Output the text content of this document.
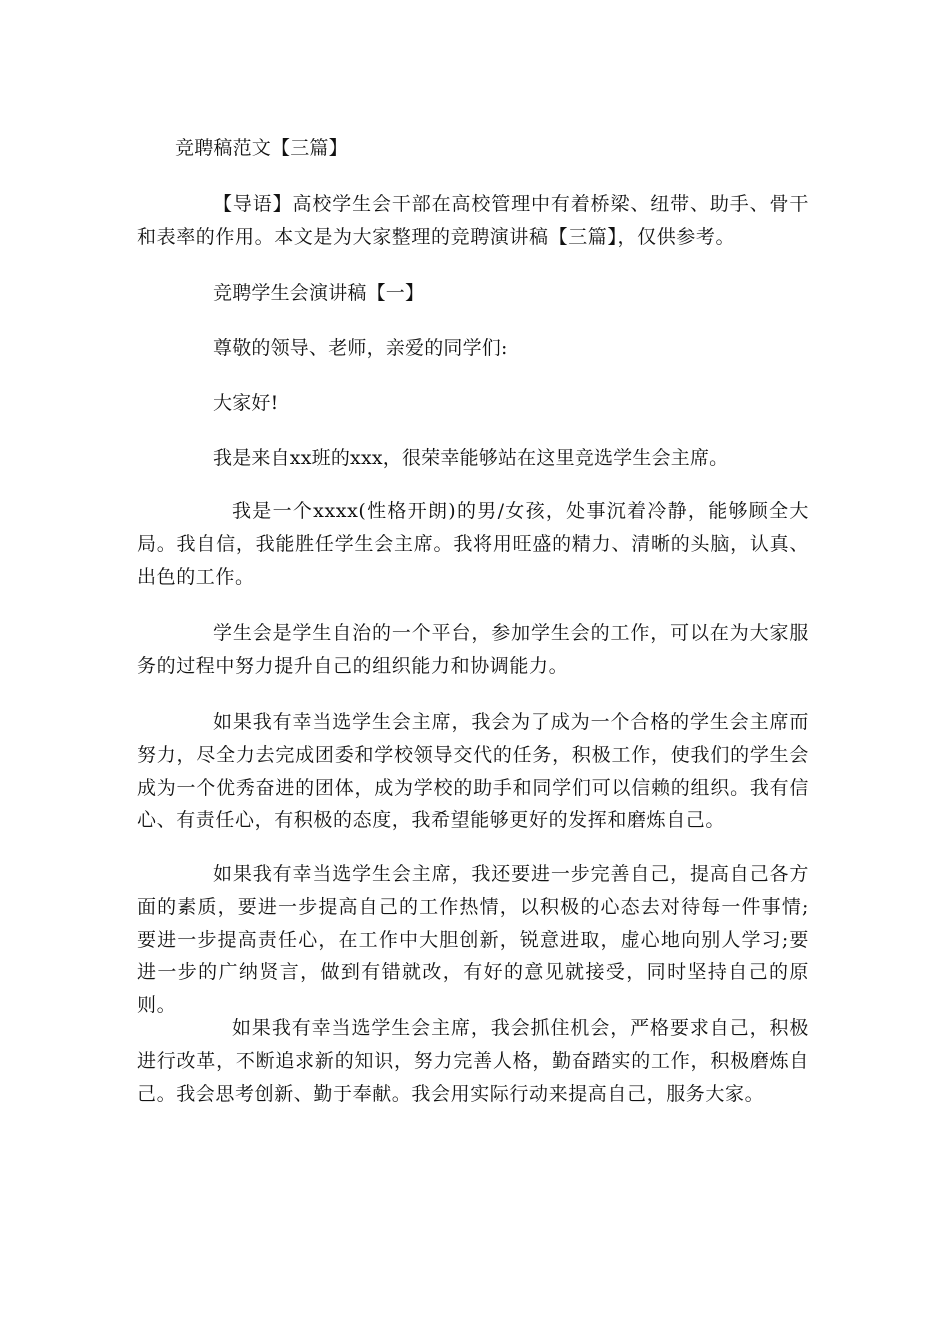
竞聘稿范文【三篇】
【导语】高校学生会干部在高校管理中有着桥梁、纽带、助手、骨干和表率的作用。本文是为大家整理的竞聘演讲稿【三篇】，仅供参考。
竞聘学生会演讲稿【一】
尊敬的领导、老师，亲爱的同学们:
大家好!
我是来自xx班的xxx，很荣幸能够站在这里竞选学生会主席。
我是一个xxxx(性格开朗)的男/女孩，处事沉着冷静，能够顾全大局。我自信，我能胜任学生会主席。我将用旺盛的精力、清晰的头脑，认真、出色的工作。
学生会是学生自治的一个平台，参加学生会的工作，可以在为大家服务的过程中努力提升自己的组织能力和协调能力。
如果我有幸当选学生会主席，我会为了成为一个合格的学生会主席而努力，尽全力去完成团委和学校领导交代的任务，积极工作，使我们的学生会成为一个优秀奋进的团体，成为学校的助手和同学们可以信赖的组织。我有信心、有责任心，有积极的态度，我希望能够更好的发挥和磨炼自己。
如果我有幸当选学生会主席，我还要进一步完善自己，提高自己各方面的素质，要进一步提高自己的工作热情，以积极的心态去对待每一件事情;要进一步提高责任心，在工作中大胆创新，锐意进取，虚心地向别人学习;要进一步的广纳贤言，做到有错就改，有好的意见就接受，同时坚持自己的原则。
如果我有幸当选学生会主席，我会抓住机会，严格要求自己，积极进行改革，不断追求新的知识，努力完善人格，勤奋踏实的工作，积极磨炼自己。我会思考创新、勤于奉献。我会用实际行动来提高自己，服务大家。
